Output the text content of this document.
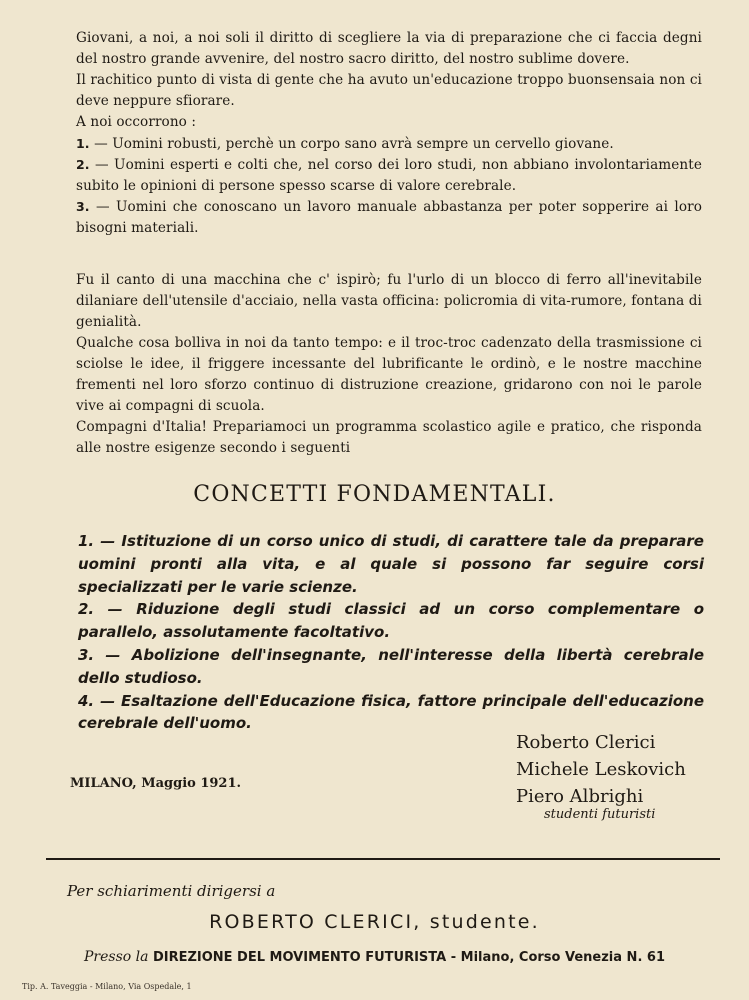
Giovani, a noi, a noi soli il diritto di scegliere la via di preparazione che ci faccia degni del nostro grande avvenire, del nostro sacro diritto, del nostro sublime dovere.
Il rachitico punto di vista di gente che ha avuto un'educazione troppo buonsensaia non ci deve neppure sfiorare.
A noi occorrono :
1. — Uomini robusti, perchè un corpo sano avrà sempre un cervello giovane.
2. — Uomini esperti e colti che, nel corso dei loro studi, non abbiano involontariamente subito le opinioni di persone spesso scarse di valore cerebrale.
3. — Uomini che conoscano un lavoro manuale abbastanza per poter sopperire ai loro bisogni materiali.
Fu il canto di una macchina che c' ispirò; fu l'urlo di un blocco di ferro all'inevitabile dilaniare dell'utensile d'acciaio, nella vasta officina: policromia di vita-rumore, fontana di genialità.
Qualche cosa bolliva in noi da tanto tempo: e il troc-troc cadenzato della trasmissione ci sciolse le idee, il friggere incessante del lubrificante le ordinò, e le nostre macchine frementi nel loro sforzo continuo di distruzione creazione, gridarono con noi le parole vive ai compagni di scuola.
Compagni d'Italia! Prepariamoci un programma scolastico agile e pratico, che risponda alle nostre esigenze secondo i seguenti
CONCETTI FONDAMENTALI.

1. — Istituzione di un corso unico di studi, di carattere tale da preparare uomini pronti alla vita, e al quale si possono far seguire corsi specializzati per le varie scienze.

2. — Riduzione degli studi classici ad un corso complementare o parallelo, assolutamente facoltativo.

3. — Abolizione dell'insegnante, nell'interesse della libertà cerebrale dello studioso.

4. — Esaltazione dell'Educazione fisica, fattore principale dell'educazione cerebrale dell'uomo.

MILANO, Maggio 1921.
Roberto Clerici
Michele Leskovich
Piero Albrighi
studenti futuristi
Per schiarimenti dirigersi a
ROBERTO CLERICI, studente.
Presso la DIREZIONE DEL MOVIMENTO FUTURISTA - Milano, Corso Venezia N. 61
Tip. A. Taveggia - Milano, Via Ospedale, 1
